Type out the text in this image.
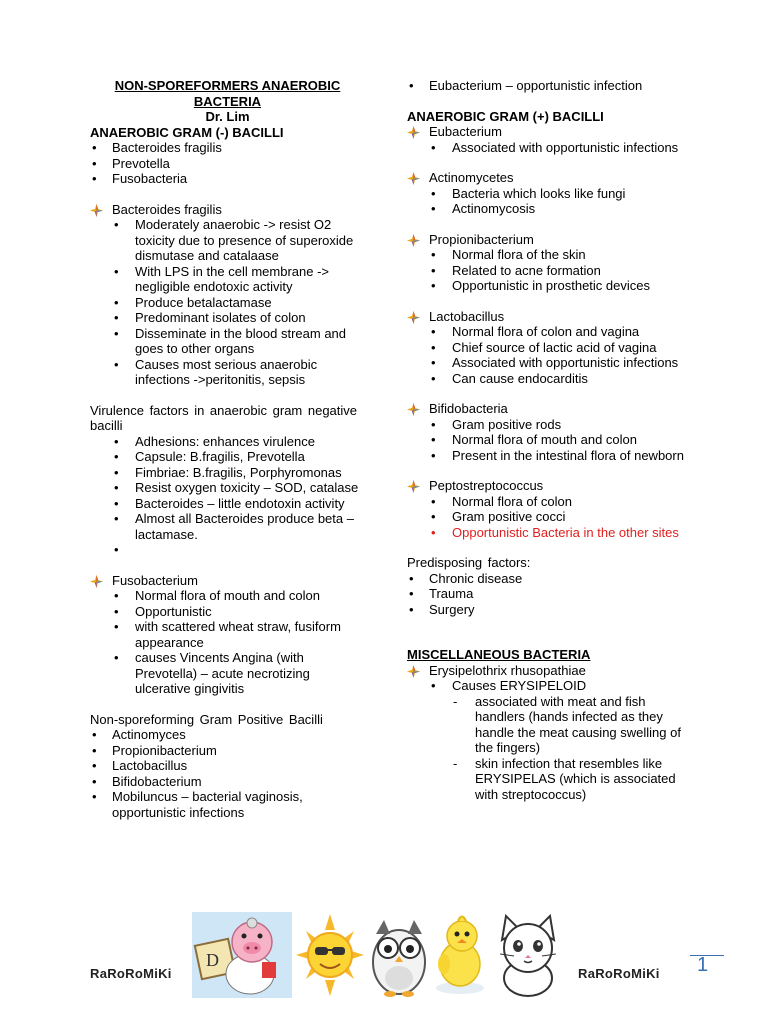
NON-SPOREFORMERS ANAEROBIC

BACTERIA

Dr. Lim

ANAEROBIC GRAM (-) BACILLI

• Bacteroides fragilis
• Prevotella
• Fusobacteria

Bacteroides fragilis

• Moderately anaerobic -> resist O2 toxicity due to presence of superoxide dismutase and catalaase
• With LPS in the cell membrane -> negligible endotoxic activity
• Produce betalactamase
• Predominant isolates of colon
• Disseminate in the blood stream and goes to other organs
• Causes most serious anaerobic infections ->peritonitis, sepsis

Virulence factors in anaerobic gram negative bacilli

• Adhesions: enhances virulence
• Capsule: B.fragilis, Prevotella
• Fimbriae: B.fragilis, Porphyromonas
• Resist oxygen toxicity – SOD, catalase
• Bacteroides – little endotoxin activity
• Almost all Bacteroides produce beta – lactamase.
•

Fusobacterium

• Normal flora of mouth and colon
• Opportunistic
• with scattered wheat straw, fusiform appearance
• causes Vincents Angina (with Prevotella) – acute necrotizing ulcerative gingivitis

Non-sporeforming Gram Positive Bacilli

• Actinomyces
• Propionibacterium
• Lactobacillus
• Bifidobacterium
• Mobiluncus – bacterial vaginosis, opportunistic infections
• Eubacterium – opportunistic infection

ANAEROBIC GRAM (+) BACILLI

Eubacterium

• Associated with opportunistic infections

Actinomycetes

• Bacteria which looks like fungi
• Actinomycosis

Propionibacterium

• Normal flora of the skin
• Related to acne formation
• Opportunistic in prosthetic devices

Lactobacillus

• Normal flora of colon and vagina
• Chief source of lactic acid of vagina
• Associated with opportunistic infections
• Can cause endocarditis

Bifidobacteria

• Gram positive rods
• Normal flora of mouth and colon
• Present in the intestinal flora of newborn

Peptostreptococcus

• Normal flora of colon
• Gram positive cocci
• Opportunistic Bacteria in the other sites

Predisposing factors:

• Chronic disease
• Trauma
• Surgery

MISCELLANEOUS BACTERIA

Erysipelothrix rhusopathiae

• Causes ERYSIPELOID
- associated with meat and fish handlers (hands infected as they handle the meat causing swelling of the fingers)
- skin infection that resembles like ERYSIPELAS (which is associated with streptococcus)
RaRoRoMiKi	RaRoRoMiKi
D	1
